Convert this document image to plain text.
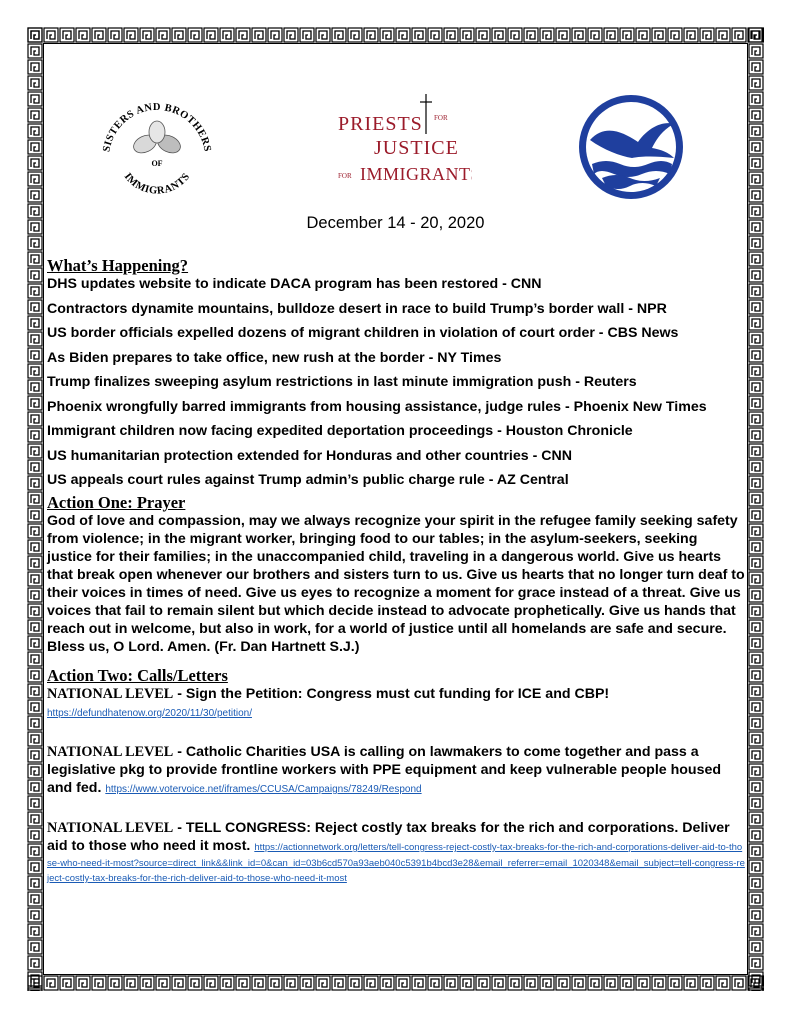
SISTERS AND BROTHERS
IMMIGRANTS
OF
PRIESTS FOR
JUSTICE
FOR IMMIGRANTS
December 14 - 20, 2020
What’s Happening?
DHS updates website to indicate DACA program has been restored - CNN
Contractors dynamite mountains, bulldoze desert in race to build Trump’s border wall - NPR
US border officials expelled dozens of migrant children in violation of court order - CBS News
As Biden prepares to take office, new rush at the border - NY Times
Trump finalizes sweeping asylum restrictions in last minute immigration push - Reuters
Phoenix wrongfully barred immigrants from housing assistance, judge rules - Phoenix New Times
Immigrant children now facing expedited deportation proceedings - Houston Chronicle
US humanitarian protection extended for Honduras and other countries - CNN
US appeals court rules against Trump admin’s public charge rule - AZ Central
Action One: Prayer

God of love and compassion, may we always recognize your spirit in the refugee family seeking safety from violence; in the migrant worker, bringing food to our tables; in the asylum-seekers, seeking justice for their families; in the unaccompanied child, traveling in a dangerous world. Give us hearts that break open whenever our brothers and sisters turn to us. Give us hearts that no longer turn deaf to their voices in times of need. Give us eyes to recognize a moment for grace instead of a threat. Give us voices that fail to remain silent but which decide instead to advocate prophetically. Give us hands that reach out in welcome, but also in work, for a world of justice until all homelands are safe and secure. Bless us, O Lord. Amen. (Fr. Dan Hartnett S.J.)

Action Two: Calls/Letters
NATIONAL LEVEL - Sign the Petition: Congress must cut funding for ICE and CBP!
https://defundhatenow.org/2020/11/30/petition/
NATIONAL LEVEL - Catholic Charities USA is calling on lawmakers to come together and pass a legislative pkg to provide frontline workers with PPE equipment and keep vulnerable people housed and fed. https://www.votervoice.net/iframes/CCUSA/Campaigns/78249/Respond
NATIONAL LEVEL - TELL CONGRESS: Reject costly tax breaks for the rich and corporations. Deliver aid to those who need it most. https://actionnetwork.org/letters/tell-congress-reject-costly-tax-breaks-for-the-rich-and-corporations-deliver-aid-to-those-who-need-it-most?source=direct_link&&link_id=0&can_id=03b6cd570a93aeb040c5391b4bcd3e28&email_referrer=email_1020348&email_subject=tell-congress-reject-costly-tax-breaks-for-the-rich-deliver-aid-to-those-who-need-it-most
